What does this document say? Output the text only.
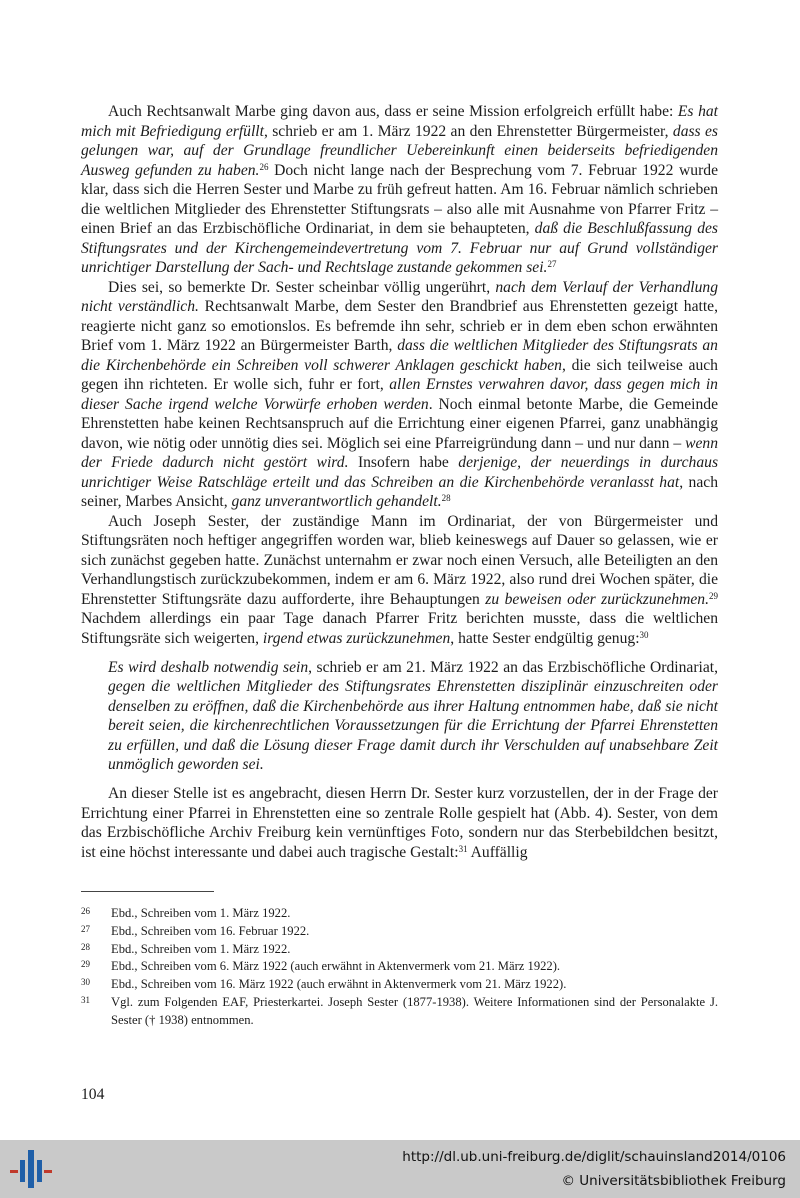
Auch Rechtsanwalt Marbe ging davon aus, dass er seine Mission erfolgreich erfüllt habe: Es hat mich mit Befriedigung erfüllt, schrieb er am 1. März 1922 an den Ehrenstetter Bürgermeister, dass es gelungen war, auf der Grundlage freundlicher Uebereinkunft einen beiderseits befriedigenden Ausweg gefunden zu haben.$^{26}$ Doch nicht lange nach der Besprechung vom 7. Februar 1922 wurde klar, dass sich die Herren Sester und Marbe zu früh gefreut hatten. Am 16. Februar nämlich schrieben die weltlichen Mitglieder des Ehrenstetter Stiftungsrats – also alle mit Ausnahme von Pfarrer Fritz – einen Brief an das Erzbischöfliche Ordinariat, in dem sie behaupteten, daß die Beschlußfassung des Stiftungsrates und der Kirchengemeindevertretung vom 7. Februar nur auf Grund vollständiger unrichtiger Darstellung der Sach- und Rechtslage zustande gekommen sei.$^{27}$

Dies sei, so bemerkte Dr. Sester scheinbar völlig ungerührt, nach dem Verlauf der Verhandlung nicht verständlich. Rechtsanwalt Marbe, dem Sester den Brandbrief aus Ehrenstetten gezeigt hatte, reagierte nicht ganz so emotionslos. Es befremde ihn sehr, schrieb er in dem eben schon erwähnten Brief vom 1. März 1922 an Bürgermeister Barth, dass die weltlichen Mitglieder des Stiftungsrats an die Kirchenbehörde ein Schreiben voll schwerer Anklagen geschickt haben, die sich teilweise auch gegen ihn richteten. Er wolle sich, fuhr er fort, allen Ernstes verwahren davor, dass gegen mich in dieser Sache irgend welche Vorwürfe erhoben werden. Noch einmal betonte Marbe, die Gemeinde Ehrenstetten habe keinen Rechtsanspruch auf die Errichtung einer eigenen Pfarrei, ganz unabhängig davon, wie nötig oder unnötig dies sei. Möglich sei eine Pfarreigründung dann – und nur dann – wenn der Friede dadurch nicht gestört wird. Insofern habe derjenige, der neuerdings in durchaus unrichtiger Weise Ratschläge erteilt und das Schreiben an die Kirchenbehörde veranlasst hat, nach seiner, Marbes Ansicht, ganz unverantwortlich gehandelt.$^{28}$

Auch Joseph Sester, der zuständige Mann im Ordinariat, der von Bürgermeister und Stiftungsräten noch heftiger angegriffen worden war, blieb keineswegs auf Dauer so gelassen, wie er sich zunächst gegeben hatte. Zunächst unternahm er zwar noch einen Versuch, alle Beteiligten an den Verhandlungstisch zurückzubekommen, indem er am 6. März 1922, also rund drei Wochen später, die Ehrenstetter Stiftungsräte dazu aufforderte, ihre Behauptungen zu beweisen oder zurückzunehmen.$^{29}$ Nachdem allerdings ein paar Tage danach Pfarrer Fritz berichten musste, dass die weltlichen Stiftungsräte sich weigerten, irgend etwas zurückzunehmen, hatte Sester endgültig genug:$^{30}$

Es wird deshalb notwendig sein, schrieb er am 21. März 1922 an das Erzbischöfliche Ordinariat, gegen die weltlichen Mitglieder des Stiftungsrates Ehrenstetten disziplinär einzuschreiten oder denselben zu eröffnen, daß die Kirchenbehörde aus ihrer Haltung entnommen habe, daß sie nicht bereit seien, die kirchenrechtlichen Voraussetzungen für die Errichtung der Pfarrei Ehrenstetten zu erfüllen, und daß die Lösung dieser Frage damit durch ihr Verschulden auf unabsehbare Zeit unmöglich geworden sei.

An dieser Stelle ist es angebracht, diesen Herrn Dr. Sester kurz vorzustellen, der in der Frage der Errichtung einer Pfarrei in Ehrenstetten eine so zentrale Rolle gespielt hat (Abb. 4). Sester, von dem das Erzbischöfliche Archiv Freiburg kein vernünftiges Foto, sondern nur das Sterbebildchen besitzt, ist eine höchst interessante und dabei auch tragische Gestalt:$^{31}$ Auffällig

26	Ebd., Schreiben vom 1. März 1922.
27	Ebd., Schreiben vom 16. Februar 1922.
28	Ebd., Schreiben vom 1. März 1922.
29	Ebd., Schreiben vom 6. März 1922 (auch erwähnt in Aktenvermerk vom 21. März 1922).
30	Ebd., Schreiben vom 16. März 1922 (auch erwähnt in Aktenvermerk vom 21. März 1922).
31	Vgl. zum Folgenden EAF, Priesterkartei. Joseph Sester (1877-1938). Weitere Informationen sind der Personalakte J. Sester († 1938) entnommen.
104
http://dl.ub.uni-freiburg.de/diglit/schauinsland2014/0106
© Universitätsbibliothek Freiburg
